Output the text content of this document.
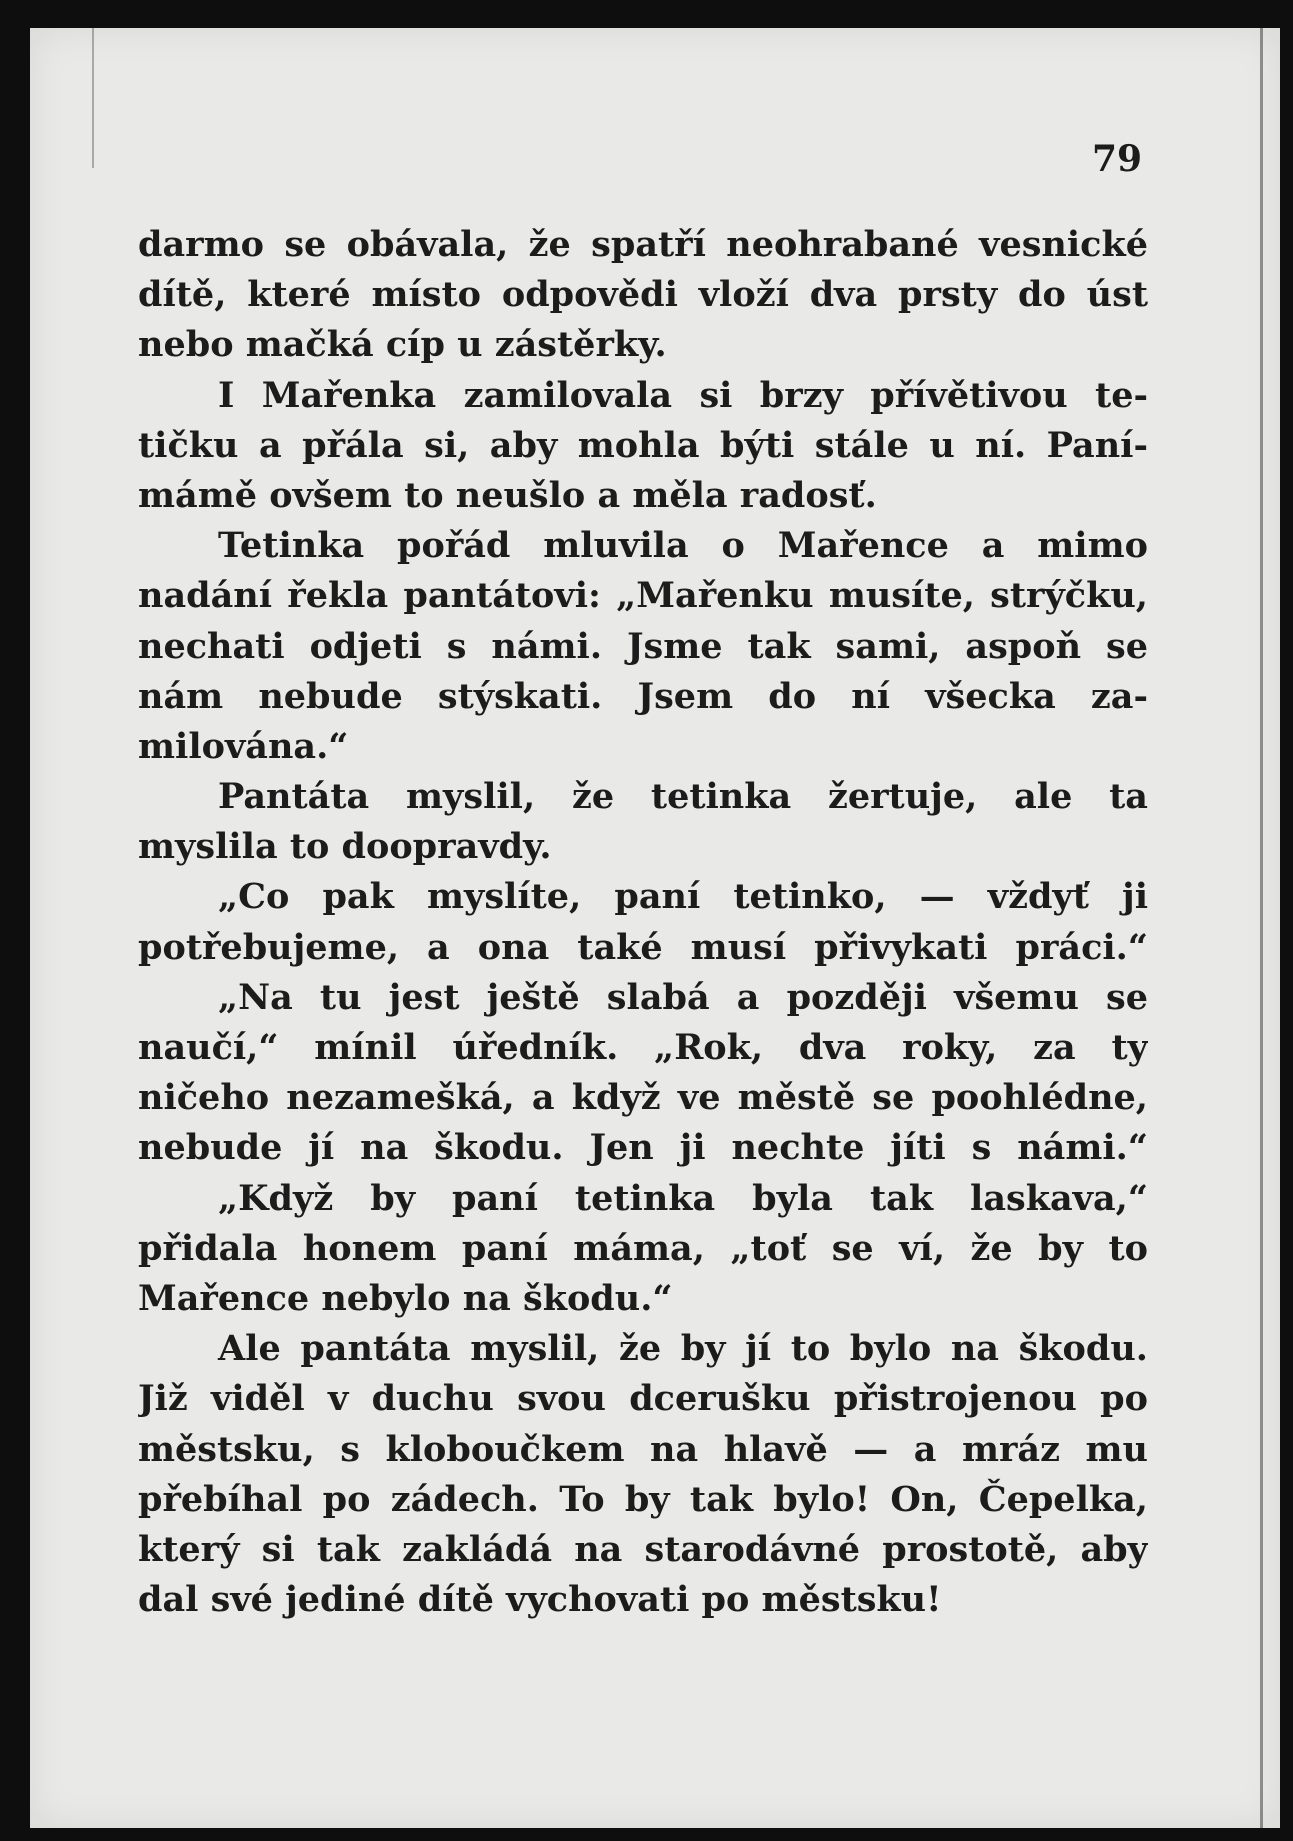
79
darmo se obávala, že spatří neohrabané vesnické
dítě, které místo odpovědi vloží dva prsty do úst
nebo mačká cíp u zástěrky.
I Mařenka zamilovala si brzy přívětivou te-
tičku a přála si, aby mohla býti stále u ní. Paní-
mámě ovšem to neušlo a měla radosť.
Tetinka pořád mluvila o Mařence a mimo
nadání řekla pantátovi: „Mařenku musíte, strýčku,
nechati odjeti s námi. Jsme tak sami, aspoň se
nám nebude stýskati. Jsem do ní všecka za-
milována.“
Pantáta myslil, že tetinka žertuje, ale ta
myslila to doopravdy.
„Co pak myslíte, paní tetinko, — vždyť ji
potřebujeme, a ona také musí přivykati práci.“
„Na tu jest ještě slabá a později všemu se
naučí,“ mínil úředník. „Rok, dva roky, za ty
ničeho nezamešká, a když ve městě se poohlédne,
nebude jí na škodu. Jen ji nechte jíti s námi.“
„Když by paní tetinka byla tak laskava,“
přidala honem paní máma, „toť se ví, že by to
Mařence nebylo na škodu.“
Ale pantáta myslil, že by jí to bylo na škodu.
Již viděl v duchu svou dcerušku přistrojenou po
městsku, s kloboučkem na hlavě — a mráz mu
přebíhal po zádech. To by tak bylo! On, Čepelka,
který si tak zakládá na starodávné prostotě, aby
dal své jediné dítě vychovati po městsku!
